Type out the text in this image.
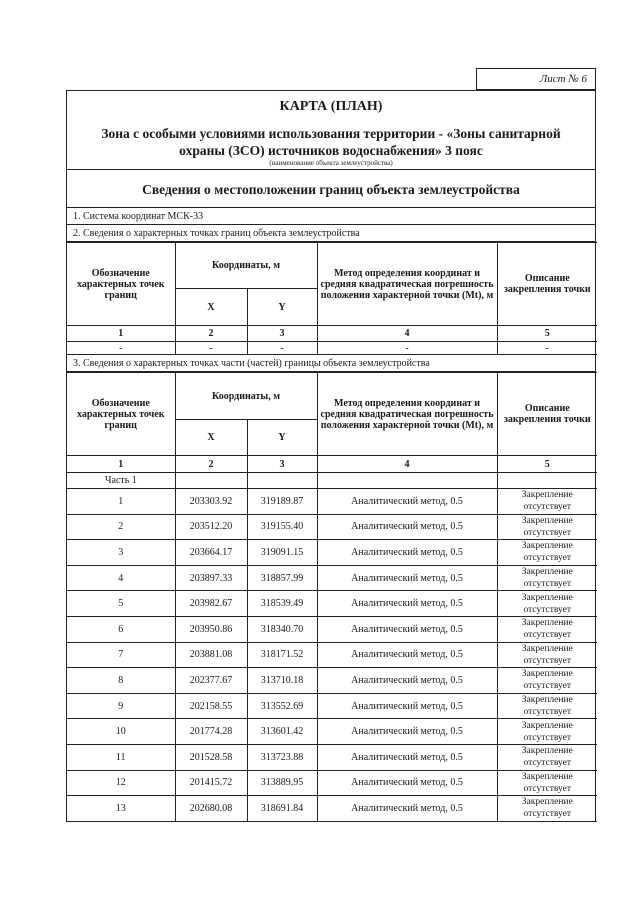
Лист № 6
КАРТА (ПЛАН)
Зона с особыми условиями использования территории - «Зоны санитарной охраны (ЗСО) источников водоснабжения» 3 пояс
(наименование объекта землеустройства)
Сведения о местоположении границ объекта землеустройства
1. Система координат МСК-33
2. Сведения о характерных точках границ объекта землеустройства
Обозначение характерных точек границ	Координаты, м		Метод определения координат и средняя квадратическая погрешность положения характерной точки (Mt), м	Описание закрепления точки
	X	Y		
1	2	3	4	5
-	-	-	-	-
3. Сведения о характерных точках части (частей) границы объекта землеустройства
Обозначение характерных точек границ	Координаты, м		Метод определения координат и средняя квадратическая погрешность положения характерной точки (Mt), м	Описание закрепления точки
	X	Y		
1	2	3	4	5
Часть 1				
1	203303.92	319189.87	Аналитический метод, 0.5	Закрепление отсутствует
2	203512.20	319155.40	Аналитический метод, 0.5	Закрепление отсутствует
3	203664.17	319091.15	Аналитический метод, 0.5	Закрепление отсутствует
4	203897.33	318857.99	Аналитический метод, 0.5	Закрепление отсутствует
5	203982.67	318539.49	Аналитический метод, 0.5	Закрепление отсутствует
6	203950.86	318340.70	Аналитический метод, 0.5	Закрепление отсутствует
7	203881.08	318171.52	Аналитический метод, 0.5	Закрепление отсутствует
8	202377.67	313710.18	Аналитический метод, 0.5	Закрепление отсутствует
9	202158.55	313552.69	Аналитический метод, 0.5	Закрепление отсутствует
10	201774.28	313601.42	Аналитический метод, 0.5	Закрепление отсутствует
11	201528.58	313723.88	Аналитический метод, 0.5	Закрепление отсутствует
12	201415.72	313889.95	Аналитический метод, 0.5	Закрепление отсутствует
13	202680.08	318691.84	Аналитический метод, 0.5	Закрепление отсутствует
